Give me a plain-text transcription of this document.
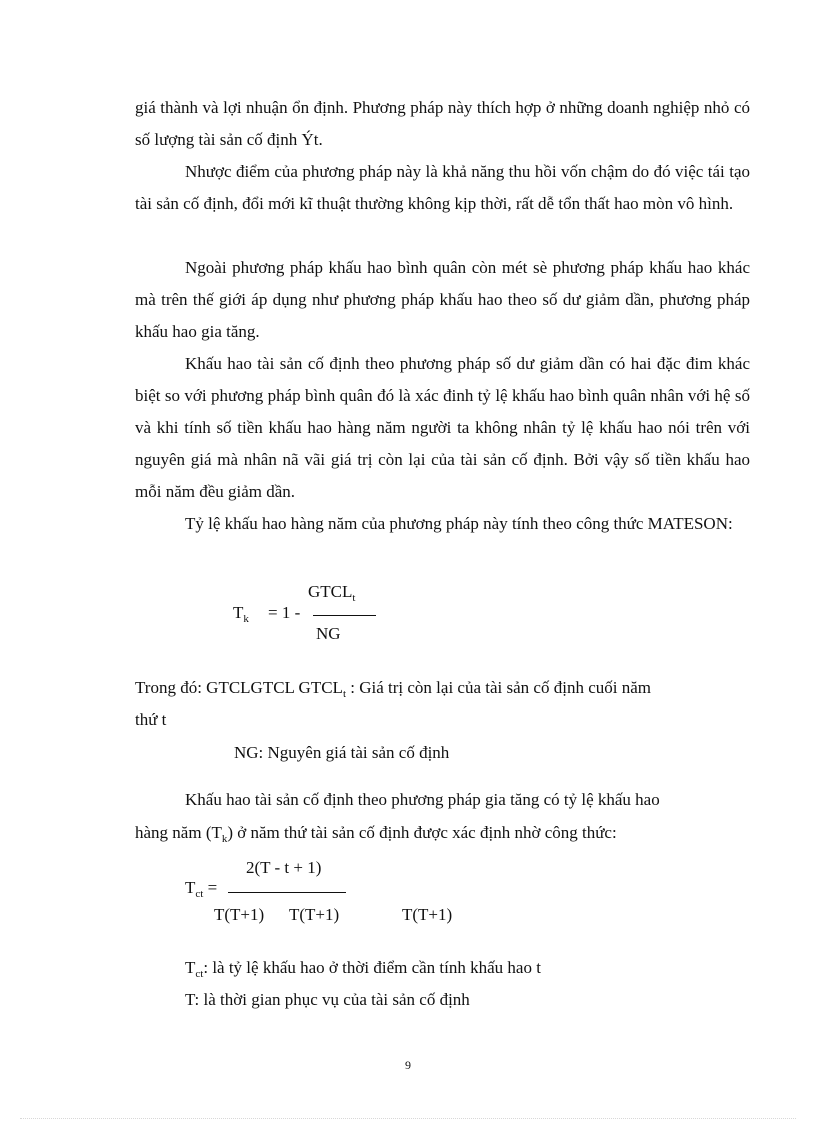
giá thành và lợi nhuận ổn định. Phương pháp này thích hợp ở những doanh nghiệp nhỏ có số lượng tài sản cố định Ýt.

Nhược điểm của phương pháp này là khả năng thu hồi vốn chậm do đó việc tái tạo tài sản cố định, đổi mới kĩ thuật thường không kịp thời, rất dễ tổn thất hao mòn vô hình.

Ngoài phương pháp khấu hao bình quân còn mét sè phương pháp khấu hao khác mà trên thế giới áp dụng như phương pháp khấu hao theo số dư giảm dần, phương pháp khấu hao gia tăng.

Khấu hao tài sản cố định theo phương pháp số dư giảm dần có hai đặc đim khác biệt so với phương pháp bình quân đó là xác đinh tỷ lệ khấu hao bình quân nhân với hệ số và khi tính số tiền khấu hao hàng năm người ta không nhân tỷ lệ khấu hao nói trên với nguyên giá mà nhân nã vãi giá trị còn lại của tài sản cố định. Bởi vậy số tiền khấu hao mỗi năm đều giảm dần.

Tỷ lệ khấu hao hàng năm của phương pháp này tính theo công thức MATESON:

$GTCL_t$
$T_k = 1$ -
NG
Trong đó: GTCLGTCL $GTCL_t$ : Giá trị còn lại của tài sản cố định cuối năm
thứ t
NG: Nguyên giá tài sản cố định
Khấu hao tài sản cố định theo phương pháp gia tăng có tỷ lệ khấu hao
hàng năm $(T_k)$ ở năm thứ tài sản cố định được xác định nhờ công thức:
2(T - t + 1)
$T_{ct}$ =
T(T+1) T(T+1)	T(T+1)
$T_{ct}$: là tỷ lệ khấu hao ở thời điểm cần tính khấu hao t
T: là thời gian phục vụ của tài sản cố định
9
